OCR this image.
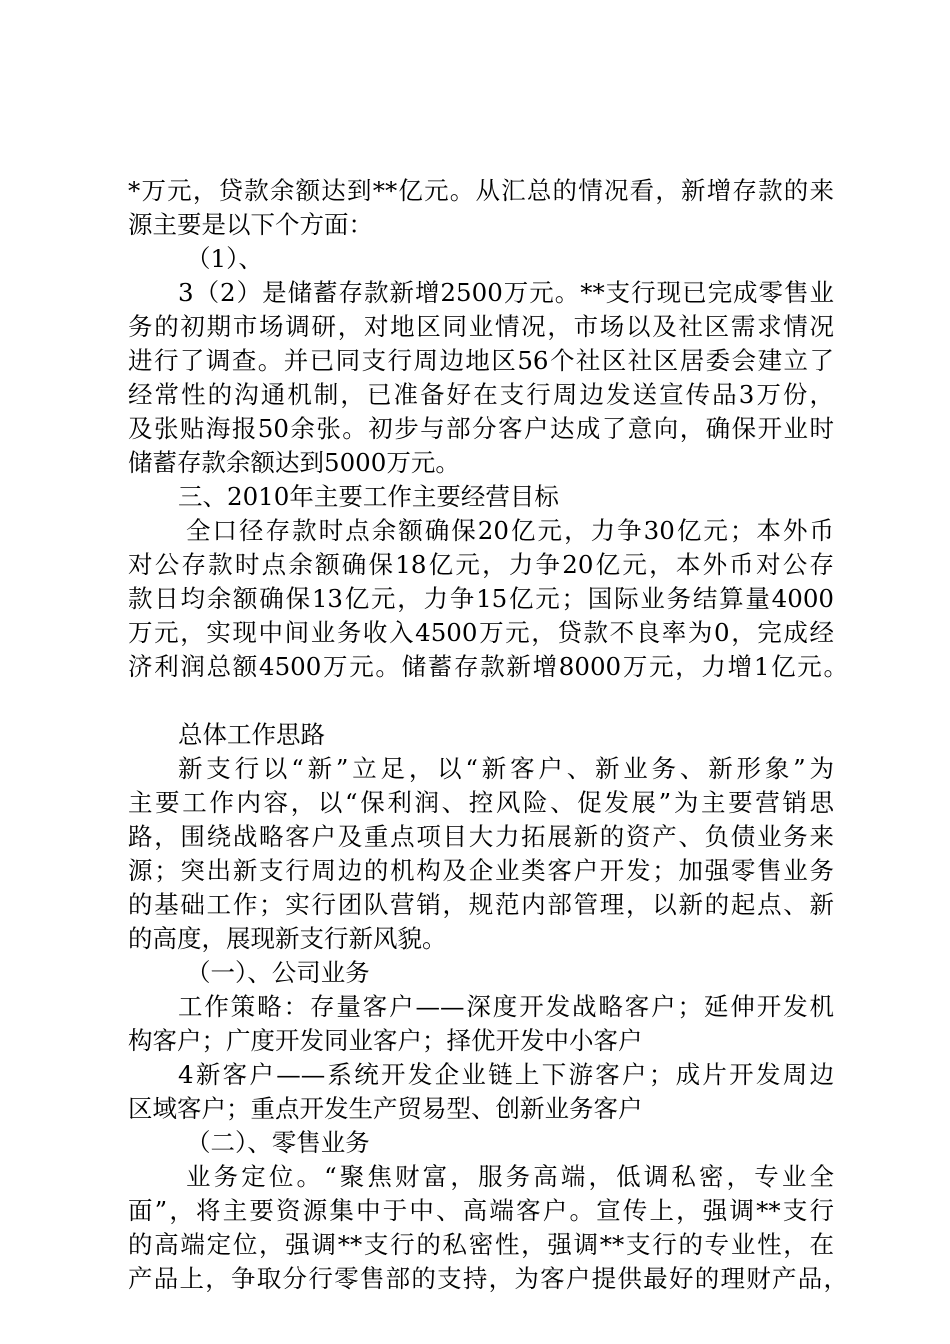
*万元，贷款余额达到**亿元。从汇总的情况看，新增存款的来
源主要是以下个方面：
（1）、
3（2）是储蓄存款新增2500万元。**支行现已完成零售业
务的初期市场调研，对地区同业情况，市场以及社区需求情况
进行了调查。并已同支行周边地区56个社区社区居委会建立了
经常性的沟通机制，已准备好在支行周边发送宣传品3万份，
及张贴海报50余张。初步与部分客户达成了意向，确保开业时
储蓄存款余额达到5000万元。
三、2010年主要工作主要经营目标
全口径存款时点余额确保20亿元，力争30亿元；本外币
对公存款时点余额确保18亿元，力争20亿元，本外币对公存
款日均余额确保13亿元，力争15亿元；国际业务结算量4000
万元，实现中间业务收入4500万元，贷款不良率为0，完成经
济利润总额4500万元。储蓄存款新增8000万元，力增1亿元。
总体工作思路
新支行以“新”立足，以“新客户、新业务、新形象”为
主要工作内容，以“保利润、控风险、促发展”为主要营销思
路，围绕战略客户及重点项目大力拓展新的资产、负债业务来
源；突出新支行周边的机构及企业类客户开发；加强零售业务
的基础工作；实行团队营销，规范内部管理，以新的起点、新
的高度，展现新支行新风貌。
（一）、公司业务
工作策略：存量客户——深度开发战略客户；延伸开发机
构客户；广度开发同业客户；择优开发中小客户
4新客户——系统开发企业链上下游客户；成片开发周边
区域客户；重点开发生产贸易型、创新业务客户
（二）、零售业务
业务定位。“聚焦财富，服务高端，低调私密，专业全
面”，将主要资源集中于中、高端客户。宣传上，强调**支行
的高端定位，强调**支行的私密性，强调**支行的专业性，在
产品上，争取分行零售部的支持，为客户提供最好的理财产品，
